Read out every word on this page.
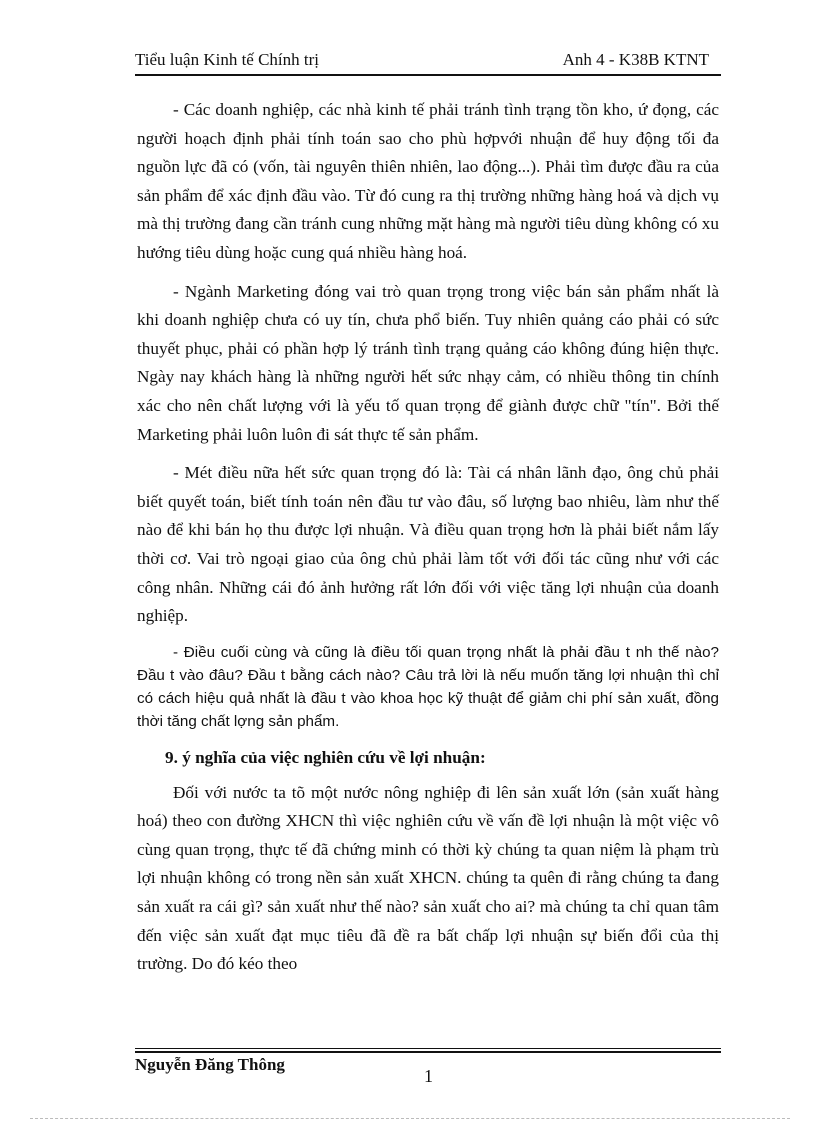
Tiểu luận Kinh tế Chính trị	Anh 4 - K38B KTNT

- Các doanh nghiệp, các nhà kinh tế phải tránh tình trạng tồn kho, ứ đọng, các người hoạch định phải tính toán sao cho phù hợpvới nhuận để huy động tối đa nguồn lực đã có (vốn, tài nguyên thiên nhiên, lao động...). Phải tìm được đầu ra của sản phẩm để xác định đầu vào. Từ đó cung ra thị trường những hàng hoá và dịch vụ mà thị trường đang cần tránh cung những mặt hàng mà người tiêu dùng không có xu hướng tiêu dùng hoặc cung quá nhiều hàng hoá.

- Ngành Marketing đóng vai trò quan trọng trong việc bán sản phẩm nhất là khi doanh nghiệp chưa có uy tín, chưa phổ biến. Tuy nhiên quảng cáo phải có sức thuyết phục, phải có phần hợp lý tránh tình trạng quảng cáo không đúng hiện thực. Ngày nay khách hàng là những người hết sức nhạy cảm, có nhiều thông tin chính xác cho nên chất lượng với là yếu tố quan trọng để giành được chữ "tín". Bởi thế Marketing phải luôn luôn đi sát thực tế sản phẩm.

- Mét điều nữa hết sức quan trọng đó là: Tài cá nhân lãnh đạo, ông chủ phải biết quyết toán, biết tính toán nên đầu tư vào đâu, số lượng bao nhiêu, làm như thế nào để khi bán họ thu được lợi nhuận. Và điều quan trọng hơn là phải biết nắm lấy thời cơ. Vai trò ngoại giao của ông chủ phải làm tốt với đối tác cũng như với các công nhân. Những cái đó ảnh hưởng rất lớn đối với việc tăng lợi nhuận của doanh nghiệp.

- Điều cuối cùng và cũng là điều tối quan trọng nhất là phải đầu t nh thế nào?Đầu t vào đâu? Đầu t bằng cách nào? Câu trả lời là nếu muốn tăng lợi nhuận thì chỉ có cách hiệu quả nhất là đầu t vào khoa học kỹ thuật để giảm chi phí sản xuất, đồng thời tăng chất lợng sản phẩm.

9. ý nghĩa của việc nghiên cứu về lợi nhuận:

Đối với nước ta tõ một nước nông nghiệp đi lên sản xuất lớn (sản xuất hàng hoá) theo con đường XHCN thì việc nghiên cứu về vấn đề lợi nhuận là một việc vô cùng quan trọng, thực tế đã chứng minh có thời kỳ chúng ta quan niệm là phạm trù lợi nhuận không có trong nền sản xuất XHCN. chúng ta quên đi rằng chúng ta đang sản xuất ra cái gì? sản xuất như thế nào? sản xuất cho ai? mà chúng ta chỉ quan tâm đến việc sản xuất đạt mục tiêu đã đề ra bất chấp lợi nhuận sự biến đổi của thị trường. Do đó kéo theo

Nguyễn Đăng Thông
1
